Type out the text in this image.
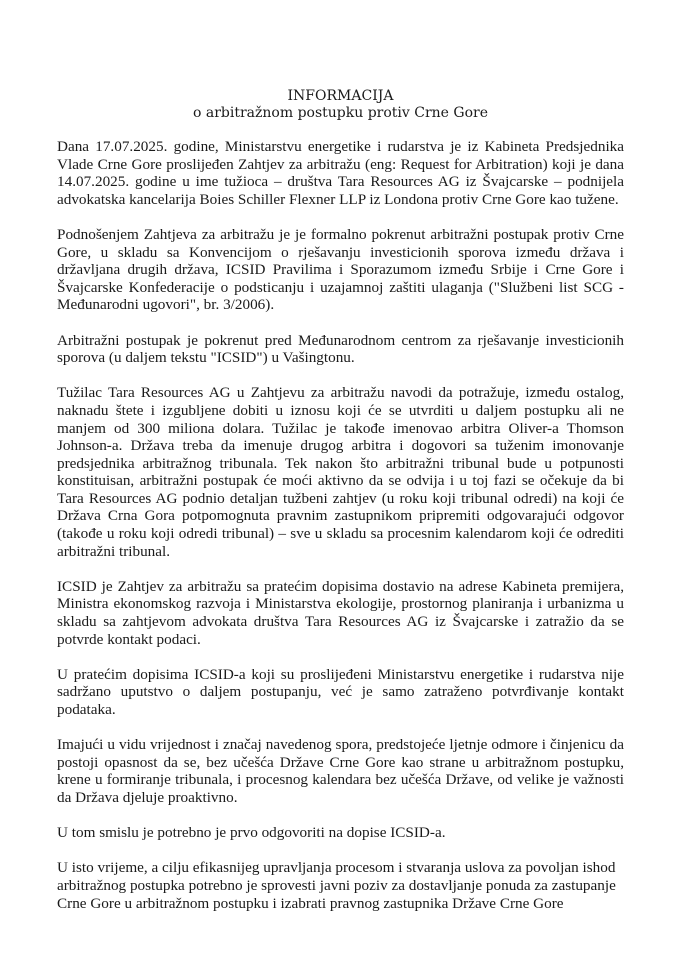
INFORMACIJA

o arbitražnom postupku protiv Crne Gore

Dana 17.07.2025. godine, Ministarstvu energetike i rudarstva je iz Kabineta Predsjednika Vlade Crne Gore proslijeđen Zahtjev za arbitražu (eng: Request for Arbitration) koji je dana 14.07.2025. godine u ime tužioca – društva Tara Resources AG iz Švajcarske – podnijela advokatska kancelarija Boies Schiller Flexner LLP iz Londona protiv Crne Gore kao tužene.

Podnošenjem Zahtjeva za arbitražu je je formalno pokrenut arbitražni postupak protiv Crne Gore, u skladu sa Konvencijom o rješavanju investicionih sporova između država i državljana drugih država, ICSID Pravilima i Sporazumom između Srbije i Crne Gore i Švajcarske Konfederacije o podsticanju i uzajamnoj zaštiti ulaganja ("Službeni list SCG - Međunarodni ugovori", br. 3/2006).

Arbitražni postupak je pokrenut pred Međunarodnom centrom za rješavanje investicionih sporova (u daljem tekstu "ICSID") u Vašingtonu.

Tužilac Tara Resources AG u Zahtjevu za arbitražu navodi da potražuje, između ostalog, naknadu štete i izgubljene dobiti u iznosu koji će se utvrditi u daljem postupku ali ne manjem od 300 miliona dolara. Tužilac je takođe imenovao arbitra Oliver-a Thomson Johnson-a. Država treba da imenuje drugog arbitra i dogovori sa tuženim imonovanje predsjednika arbitražnog tribunala. Tek nakon što arbitražni tribunal bude u potpunosti konstituisan, arbitražni postupak će moći aktivno da se odvija i u toj fazi se očekuje da bi Tara Resources AG podnio detaljan tužbeni zahtjev (u roku koji tribunal odredi) na koji će Država Crna Gora potpomognuta pravnim zastupnikom pripremiti odgovarajući odgovor (takođe u roku koji odredi tribunal) – sve u skladu sa procesnim kalendarom koji će odrediti arbitražni tribunal.

ICSID je Zahtjev za arbitražu sa pratećim dopisima dostavio na adrese Kabineta premijera, Ministra ekonomskog razvoja i Ministarstva ekologije, prostornog planiranja i urbanizma u skladu sa zahtjevom advokata društva Tara Resources AG iz Švajcarske i zatražio da se potvrde kontakt podaci.

U pratećim dopisima ICSID-a koji su proslijeđeni Ministarstvu energetike i rudarstva nije sadržano uputstvo o daljem postupanju, već je samo zatraženo potvrđivanje kontakt podataka.

Imajući u vidu vrijednost i značaj navedenog spora, predstojeće ljetnje odmore i činjenicu da postoji opasnost da se, bez učešća Države Crne Gore kao strane u arbitražnom postupku, krene u formiranje tribunala, i procesnog kalendara bez učešća Države, od velike je važnosti da Država djeluje proaktivno.

U tom smislu je potrebno je prvo odgovoriti na dopise ICSID-a.

U isto vrijeme, a cilju efikasnijeg upravljanja procesom i stvaranja uslova za povoljan ishod arbitražnog postupka potrebno je sprovesti javni poziv za dostavljanje ponuda za zastupanje Crne Gore u arbitražnom postupku i izabrati pravnog zastupnika Države Crne Gore
